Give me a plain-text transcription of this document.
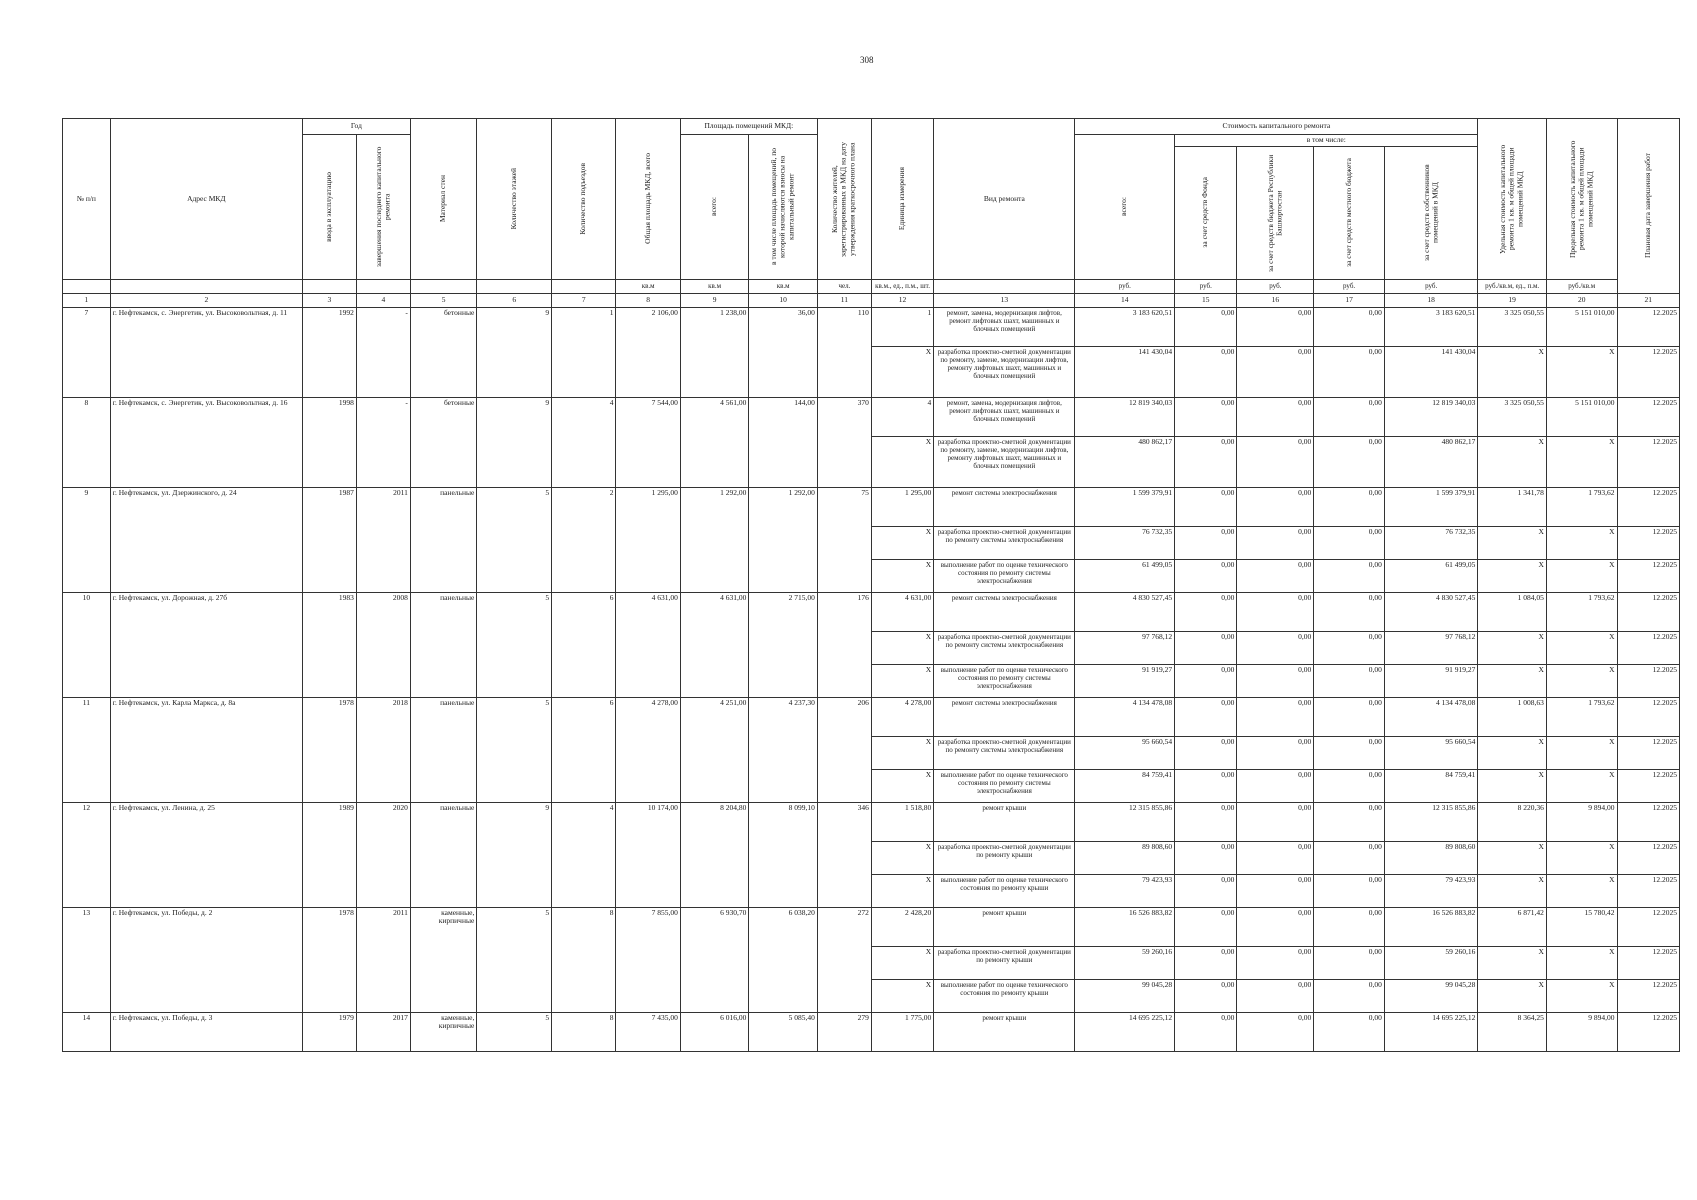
308
№ п/п	Адрес МКД	Год		Материал стен	Количество этажей	Количество подъездов	Общая площадь МКД, всего	Площадь помещений МКД:		Количество жителей, зарегистрированных в МКД на дату утверждения краткосрочного плана	Единица измерения	Вид ремонта	Стоимость капитального ремонта					Удельная стоимость капитального ремонта 1 кв. м общей площади помещений МКД	Предельная стоимость капитального ремонта 1 кв. м общей площади помещений МКД	Плановая дата завершения работ

		ввода в эксплуатацию	завершения последнего капитального ремонта					всего:	в том числе площадь помещений, по которой начисляются взносы на капитальный ремонт				всего:	в том числе:						

														за счет средств Фонда	за счет средств бюджета Республики Башкортостан	за счет средств местного бюджета	за счет средств собственников помещений в МКД			

							кв.м	кв.м	кв.м	чел.	кв.м., ед., п.м., шт.		руб.	руб.	руб.	руб.	руб.	руб./кв.м, ед., п.м.	руб./кв.м	
1	2	3	4	5	6	7	8	9	10	11	12	13	14	15	16	17	18	19	20	21
7	г. Нефтекамск, с. Энергетик, ул. Высоковольтная, д. 11	1992	-	бетонные	9	1	2 106,00	1 238,00	36,00	110	1	ремонт, замена, модернизация лифтов, ремонт лифтовых шахт, машинных и блочных помещений	3 183 620,51	0,00	0,00	0,00	3 183 620,51	3 325 050,55	5 151 010,00	12.2025
											X	разработка проектно-сметной документации по ремонту, замене, модернизации лифтов, ремонту лифтовых шахт, машинных и блочных помещений	141 430,04	0,00	0,00	0,00	141 430,04	X	X	12.2025
8	г. Нефтекамск, с. Энергетик, ул. Высоковольтная, д. 16	1998	-	бетонные	9	4	7 544,00	4 561,00	144,00	370	4	ремонт, замена, модернизация лифтов, ремонт лифтовых шахт, машинных и блочных помещений	12 819 340,03	0,00	0,00	0,00	12 819 340,03	3 325 050,55	5 151 010,00	12.2025
											X	разработка проектно-сметной документации по ремонту, замене, модернизации лифтов, ремонту лифтовых шахт, машинных и блочных помещений	480 862,17	0,00	0,00	0,00	480 862,17	X	X	12.2025
9	г. Нефтекамск, ул. Дзержинского, д. 24	1987	2011	панельные	5	2	1 295,00	1 292,00	1 292,00	75	1 295,00	ремонт системы электроснабжения	1 599 379,91	0,00	0,00	0,00	1 599 379,91	1 341,78	1 793,62	12.2025
											X	разработка проектно-сметной документации по ремонту системы электроснабжения	76 732,35	0,00	0,00	0,00	76 732,35	X	X	12.2025
											X	выполнение работ по оценке технического состояния по ремонту системы электроснабжения	61 499,05	0,00	0,00	0,00	61 499,05	X	X	12.2025
10	г. Нефтекамск, ул. Дорожная, д. 27б	1983	2008	панельные	5	6	4 631,00	4 631,00	2 715,00	176	4 631,00	ремонт системы электроснабжения	4 830 527,45	0,00	0,00	0,00	4 830 527,45	1 084,05	1 793,62	12.2025
											X	разработка проектно-сметной документации по ремонту системы электроснабжения	97 768,12	0,00	0,00	0,00	97 768,12	X	X	12.2025
											X	выполнение работ по оценке технического состояния по ремонту системы электроснабжения	91 919,27	0,00	0,00	0,00	91 919,27	X	X	12.2025
11	г. Нефтекамск, ул. Карла Маркса, д. 8а	1978	2018	панельные	5	6	4 278,00	4 251,00	4 237,30	206	4 278,00	ремонт системы электроснабжения	4 134 478,08	0,00	0,00	0,00	4 134 478,08	1 008,63	1 793,62	12.2025
											X	разработка проектно-сметной документации по ремонту системы электроснабжения	95 660,54	0,00	0,00	0,00	95 660,54	X	X	12.2025
											X	выполнение работ по оценке технического состояния по ремонту системы электроснабжения	84 759,41	0,00	0,00	0,00	84 759,41	X	X	12.2025
12	г. Нефтекамск, ул. Ленина, д. 25	1989	2020	панельные	9	4	10 174,00	8 204,80	8 099,10	346	1 518,80	ремонт крыши	12 315 855,86	0,00	0,00	0,00	12 315 855,86	8 220,36	9 894,00	12.2025
											X	разработка проектно-сметной документации по ремонту крыши	89 808,60	0,00	0,00	0,00	89 808,60	X	X	12.2025
											X	выполнение работ по оценке технического состояния по ремонту крыши	79 423,93	0,00	0,00	0,00	79 423,93	X	X	12.2025
13	г. Нефтекамск, ул. Победы, д. 2	1978	2011	каменные, кирпичные	5	8	7 855,00	6 930,70	6 038,20	272	2 428,20	ремонт крыши	16 526 883,82	0,00	0,00	0,00	16 526 883,82	6 871,42	15 780,42	12.2025
											X	разработка проектно-сметной документации по ремонту крыши	59 260,16	0,00	0,00	0,00	59 260,16	X	X	12.2025
											X	выполнение работ по оценке технического состояния по ремонту крыши	99 045,28	0,00	0,00	0,00	99 045,28	X	X	12.2025
14	г. Нефтекамск, ул. Победы, д. 3	1979	2017	каменные, кирпичные	5	8	7 435,00	6 016,00	5 085,40	279	1 775,00	ремонт крыши	14 695 225,12	0,00	0,00	0,00	14 695 225,12	8 364,25	9 894,00	12.2025
